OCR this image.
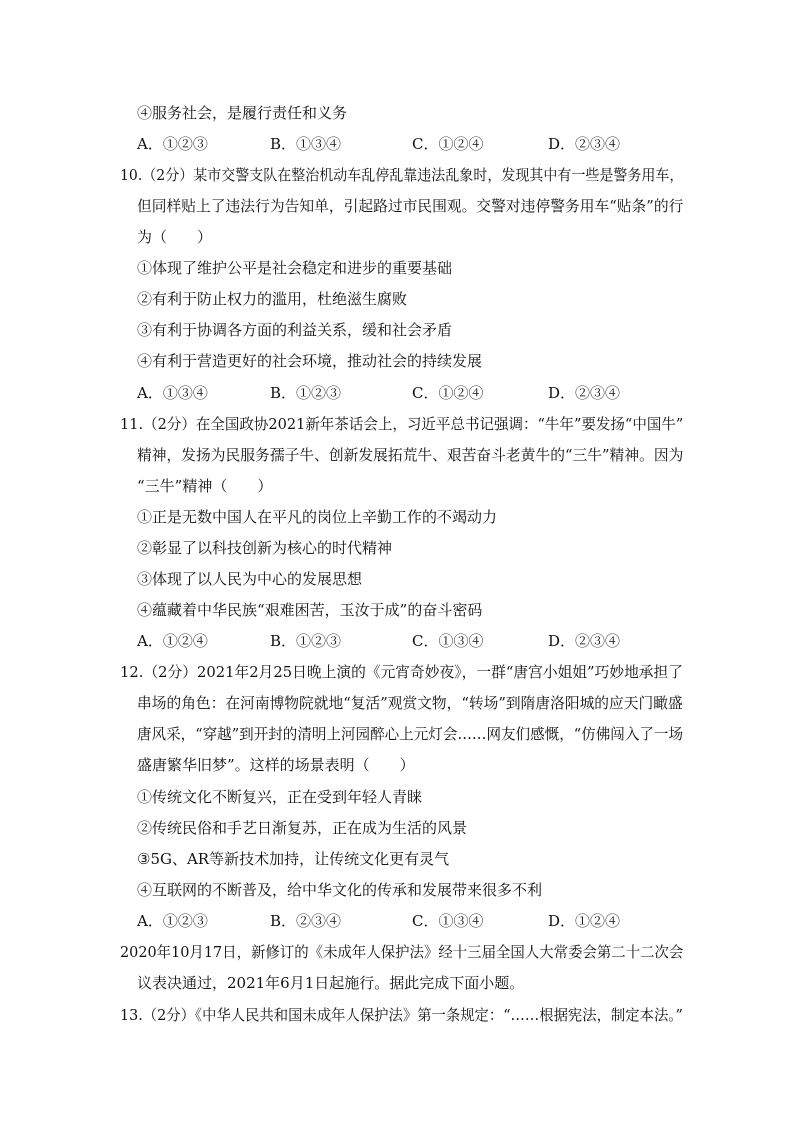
④服务社会，是履行责任和义务
A．①②③	B．①③④	C．①②④	D．②③④
10.（2分）某市交警支队在整治机动车乱停乱靠违法乱象时，发现其中有一些是警务用车，
但同样贴上了违法行为告知单，引起路过市民围观。交警对违停警务用车“贴条”的行
为（　　）
①体现了维护公平是社会稳定和进步的重要基础
②有利于防止权力的滥用，杜绝滋生腐败
③有利于协调各方面的利益关系，缓和社会矛盾
④有利于营造更好的社会环境，推动社会的持续发展
A．①③④	B．①②③	C．①②④	D．②③④
11.（2分）在全国政协2021新年茶话会上，习近平总书记强调：“牛年”要发扬“中国牛”
精神，发扬为民服务孺子牛、创新发展拓荒牛、艰苦奋斗老黄牛的“三牛”精神。因为
“三牛”精神（　　）
①正是无数中国人在平凡的岗位上辛勤工作的不竭动力
②彰显了以科技创新为核心的时代精神
③体现了以人民为中心的发展思想
④蕴藏着中华民族“艰难困苦，玉汝于成”的奋斗密码
A．①②④	B．①②③	C．①③④	D．②③④
12.（2分）2021年2月25日晚上演的《元宵奇妙夜》，一群“唐宫小姐姐”巧妙地承担了
串场的角色：在河南博物院就地“复活”观赏文物，“转场”到隋唐洛阳城的应天门瞰盛
唐风采，“穿越”到开封的清明上河园醉心上元灯会……网友们感慨，“仿佛闯入了一场
盛唐繁华旧梦”。这样的场景表明（　　）
①传统文化不断复兴，正在受到年轻人青睐
②传统民俗和手艺日渐复苏，正在成为生活的风景
③5G、AR等新技术加持，让传统文化更有灵气
④互联网的不断普及，给中华文化的传承和发展带来很多不利
A．①②③	B．②③④	C．①③④	D．①②④
2020年10月17日，新修订的《未成年人保护法》经十三届全国人大常委会第二十二次会
议表决通过，2021年6月1日起施行。据此完成下面小题。
13.（2分）《中华人民共和国未成年人保护法》第一条规定：“……根据宪法，制定本法。”
